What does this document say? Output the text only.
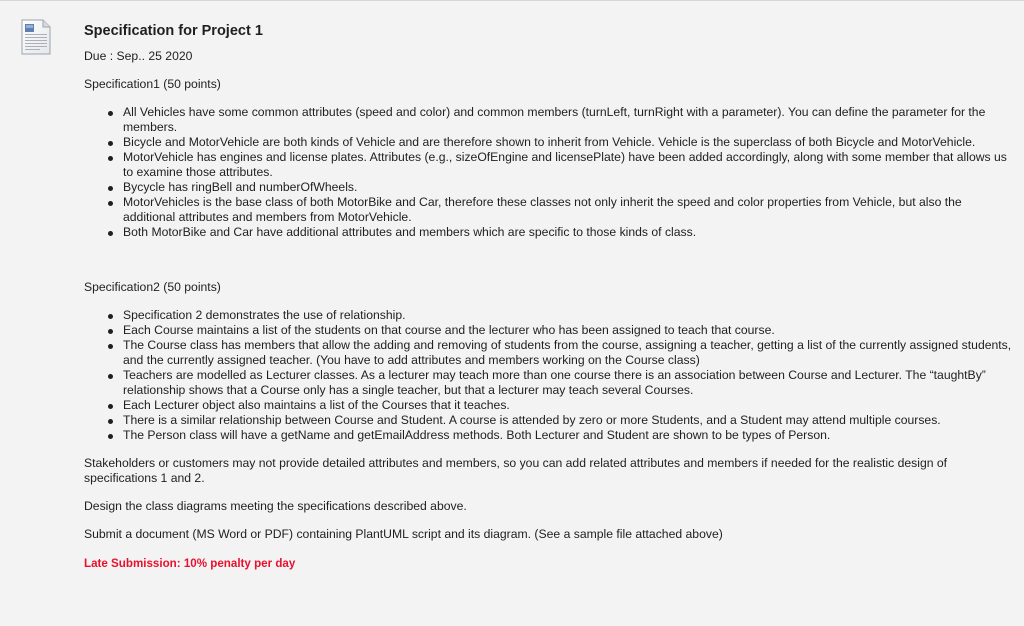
Specification for Project 1

Due : Sep.. 25 2020

Specification1 (50 points)

All Vehicles have some common attributes (speed and color) and common members (turnLeft, turnRight with a parameter). You can define the parameter for the members.
Bicycle and MotorVehicle are both kinds of Vehicle and are therefore shown to inherit from Vehicle. Vehicle is the superclass of both Bicycle and MotorVehicle.
MotorVehicle has engines and license plates. Attributes (e.g., sizeOfEngine and licensePlate) have been added accordingly, along with some member that allows us to examine those attributes.
Bycycle has ringBell and numberOfWheels.
MotorVehicles is the base class of both MotorBike and Car, therefore these classes not only inherit the speed and color properties from Vehicle, but also the additional attributes and members from MotorVehicle.
Both MotorBike and Car have additional attributes and members which are specific to those kinds of class.

Specification2 (50 points)

Specification 2 demonstrates the use of relationship.
Each Course maintains a list of the students on that course and the lecturer who has been assigned to teach that course.
The Course class has members that allow the adding and removing of students from the course, assigning a teacher, getting a list of the currently assigned students, and the currently assigned teacher. (You have to add attributes and members working on the Course class)
Teachers are modelled as Lecturer classes. As a lecturer may teach more than one course there is an association between Course and Lecturer. The “taughtBy” relationship shows that a Course only has a single teacher, but that a lecturer may teach several Courses.
Each Lecturer object also maintains a list of the Courses that it teaches.
There is a similar relationship between Course and Student. A course is attended by zero or more Students, and a Student may attend multiple courses.
The Person class will have a getName and getEmailAddress methods. Both Lecturer and Student are shown to be types of Person.

Stakeholders or customers may not provide detailed attributes and members, so you can add related attributes and members if needed for the realistic design of specifications 1 and 2.

Design the class diagrams meeting the specifications described above.

Submit a document (MS Word or PDF) containing PlantUML script and its diagram. (See a sample file attached above)

Late Submission: 10% penalty per day
